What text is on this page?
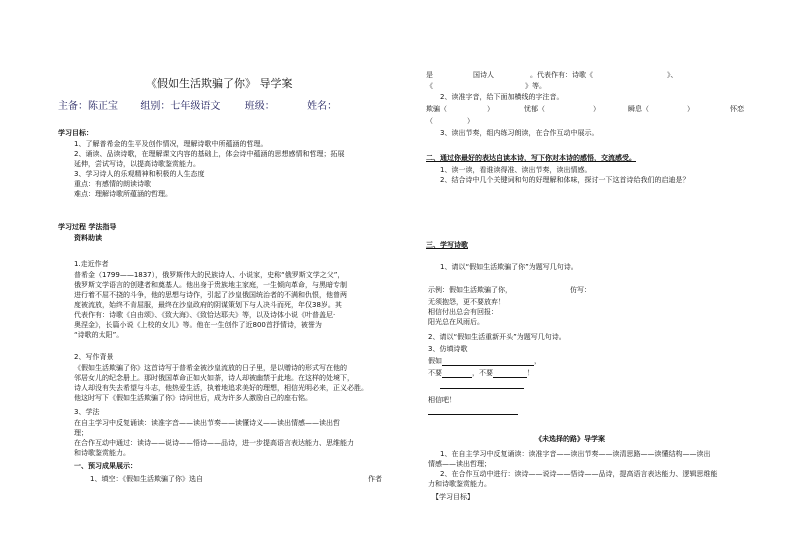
《假如生活欺骗了你》 导学案
主备：陈正宝 组别：七年级语文 班级：	姓名：
学习目标：
1、了解普希金的生平及创作情况，理解诗歌中所蕴涵的哲理。
2、诵读、品读诗歌，在理解课文内容的基础上，体会诗中蕴涵的思想感情和哲理；拓展
延伸，尝试写诗，以提高诗歌鉴赏能力。
3、学习诗人的乐观精神和积极的人生态度
重点：有感情的朗读诗歌
难点：理解诗歌所蕴涵的哲理。
学习过程 学法指导
资料助读
1.走近作者
普希金（1799——1837），俄罗斯伟大的民族诗人、小说家，史称“俄罗斯文学之父”，
俄罗斯文学语言的创建者和奠基人。他出身于贵族地主家庭，一生倾向革命，与黑暗专制
进行着不屈不挠的斗争，他的思想与诗作，引起了沙皇俄国统治者的不满和仇恨，他曾两
度被流放，始终不肯屈服，最终在沙皇政府的阴谋策划下与人决斗而死，年仅38岁。其
代表作有：诗歌《自由颂》、《致大海》、《致恰达耶夫》等，以及诗体小说《叶普盖尼·
奥涅金》，长篇小说《上校的女儿》等。他在一生创作了近800首抒情诗，被誉为
“诗歌的太阳”。
2、写作背景
《假如生活欺骗了你》这首诗写于普希金被沙皇流放的日子里，是以赠诗的形式写在他的
邻居女儿的纪念册上。那时俄国革命正如火如荼，诗人却被幽禁于此地。在这样的处境下，
诗人却没有失去希望与斗志，他热爱生活，执着地追求美好的理想，相信光明必来，正义必胜。
他这时写下《假如生活欺骗了你》诗问世后，成为许多人激励自己的座右铭。
3、学法
在自主学习中反复诵读：读准字音——读出节奏——读懂诗义——读出情感——读出哲
理；
在合作互动中通过：读诗——说诗——悟诗——品诗，进一步提高语言表达能力、思维能力
和诗歌鉴赏能力。
一、预习成果展示：
1、填空：《假如生活欺骗了你》选自	作者
是	国诗人	。代表作有：诗歌《	》、
《	》等。
2、读准字音，给下面加横线的字注音。
欺骗（	）	忧郁（	）	瞬息（	）	怀恋
（	）
3、读出节奏，组内练习朗读，在合作互动中展示。
二、通过你最好的表达自读本诗，写下你对本诗的感悟，交流感受。
1、读一读，看谁读得准、读出节奏，读出情感。
2、结合诗中几个关键词和句的好理解和体味，探讨一下这首诗给我们的启迪是？
三、学写诗歌
1、请以“假如生活欺骗了你”为题写几句诗。
示例：假如生活欺骗了你，	仿写：
无须抱怨，更不要放弃！
相信付出总会有回报：
阳光总在风雨后。
2、请以“假如生活重新开头”为题写几句诗。
3、仿填诗歌
假如	，
不要	，不要	！
相信吧！
《未选择的路》导学案
1、在自主学习中反复诵读：读准字音——读出节奏——读清思路——读懂结构——读出
情感——读出哲理；
2、在合作互动中进行：读诗——说诗——悟诗——品诗，提高语言表达能力、逻辑思维能
力和诗歌鉴赏能力。
【学习目标】
